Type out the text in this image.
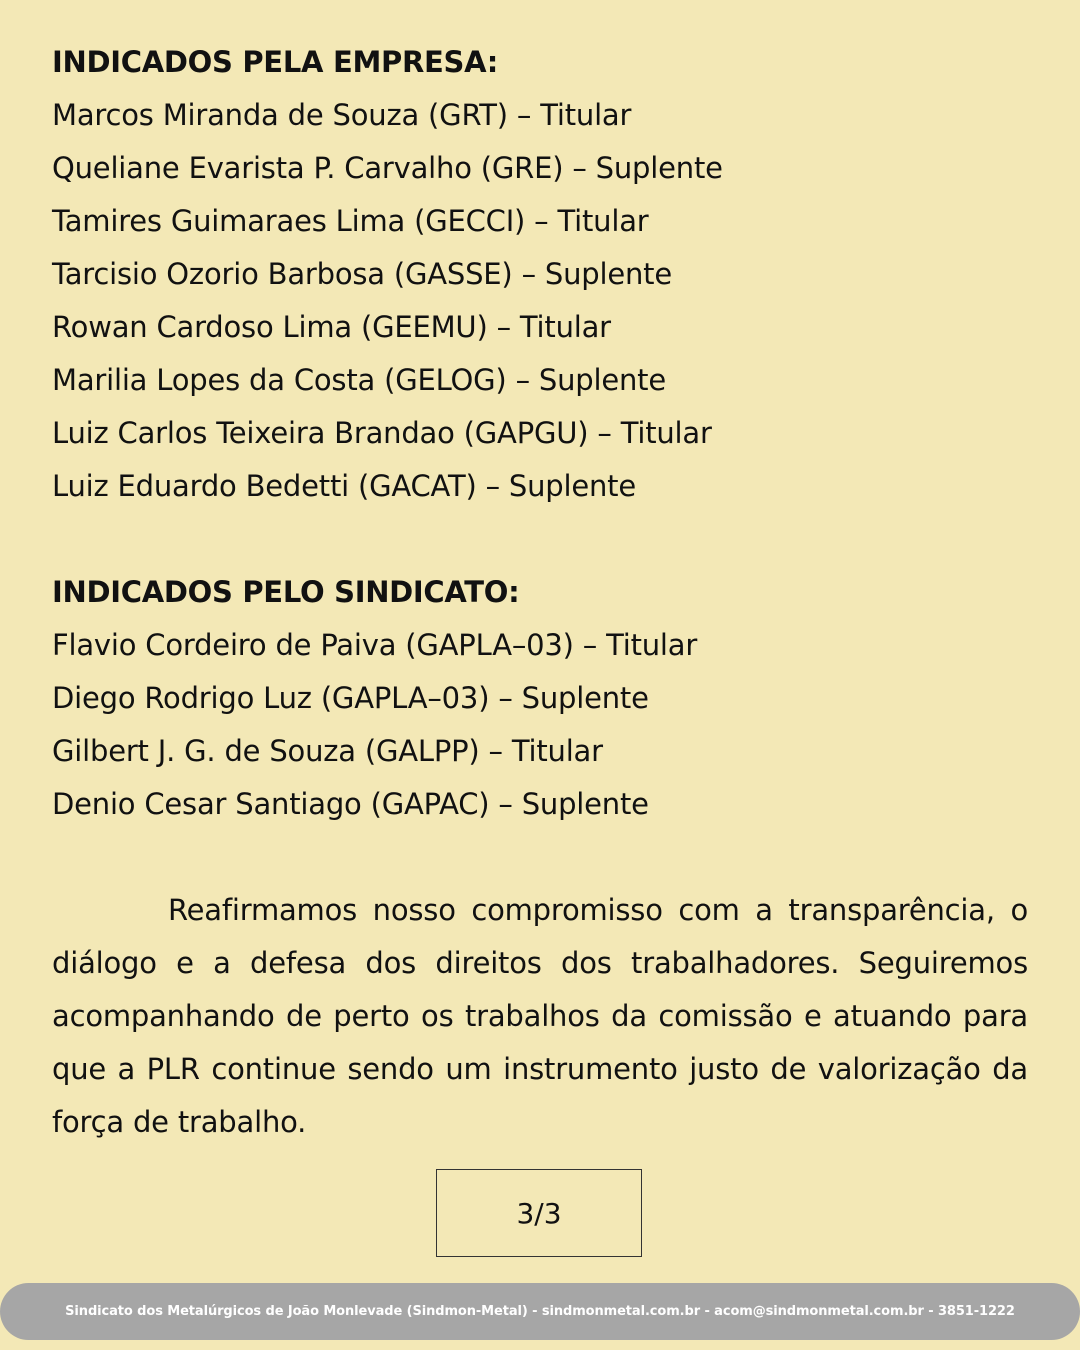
INDICADOS PELA EMPRESA:
Marcos Miranda de Souza (GRT) – Titular
Queliane Evarista P. Carvalho (GRE) – Suplente
Tamires Guimaraes Lima (GECCI) – Titular
Tarcisio Ozorio Barbosa (GASSE) – Suplente
Rowan Cardoso Lima (GEEMU) – Titular
Marilia Lopes da Costa (GELOG) – Suplente
Luiz Carlos Teixeira Brandao (GAPGU) – Titular
Luiz Eduardo Bedetti (GACAT) – Suplente
INDICADOS PELO SINDICATO:
Flavio Cordeiro de Paiva (GAPLA–03) – Titular
Diego Rodrigo Luz (GAPLA–03) – Suplente
Gilbert J. G. de Souza (GALPP) – Titular
Denio Cesar Santiago (GAPAC) – Suplente
Reafirmamos nosso compromisso com a transparência, o diálogo e a defesa dos direitos dos trabalhadores. Seguiremos acompanhando de perto os trabalhos da comissão e atuando para que a PLR continue sendo um instrumento justo de valorização da força de trabalho.
3/3
Sindicato dos Metalúrgicos de João Monlevade (Sindmon-Metal) - sindmonmetal.com.br - acom@sindmonmetal.com.br - 3851-1222
